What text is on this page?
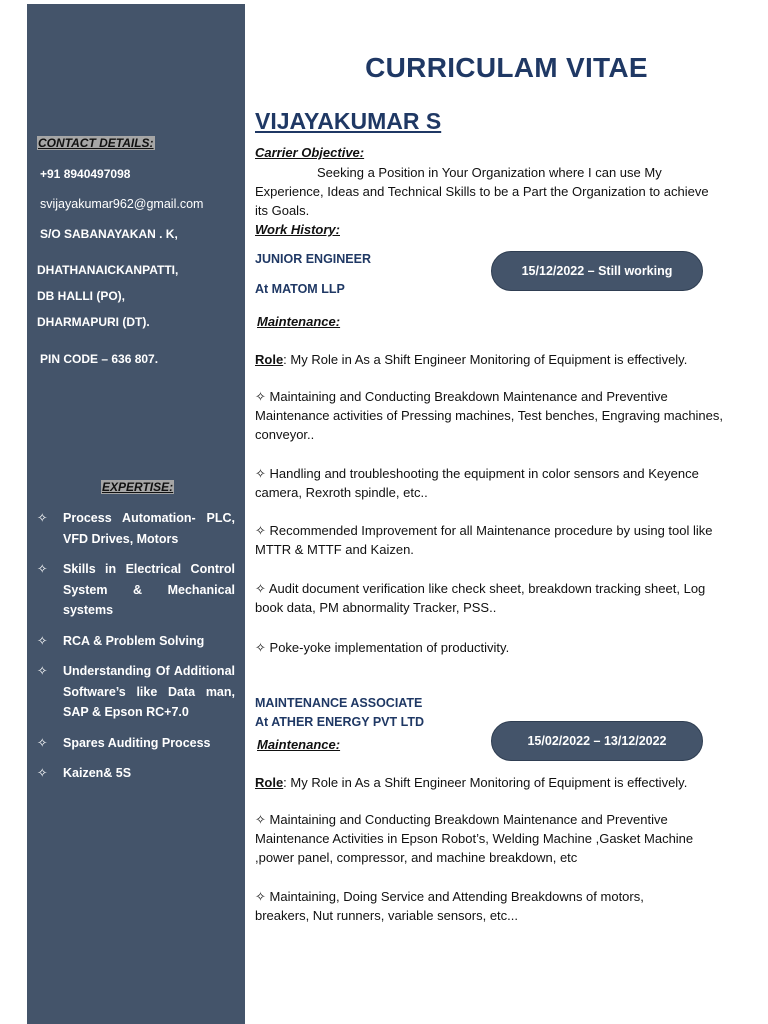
CONTACT DETAILS:
+91 8940497098
svijayakumar962@gmail.com
S/O SABANAYAKAN . K,
DHATHANAICKANPATTI,
DB HALLI (PO),
DHARMAPURI (DT).
PIN CODE – 636 807.
EXPERTISE:
✧ Process Automation- PLC, VFD Drives, Motors
✧ Skills in Electrical Control System & Mechanical systems
✧ RCA & Problem Solving
✧ Understanding Of Additional Software’s like Data man, SAP & Epson RC+7.0
✧ Spares Auditing Process
✧ Kaizen& 5S
CURRICULAM VITAE
VIJAYAKUMAR S
Carrier Objective:
Seeking a Position in Your Organization where I can use My Experience, Ideas and Technical Skills to be a Part the Organization to achieve its Goals.
Work History:
JUNIOR ENGINEER
At MATOM LLP
15/12/2022 – Still working
Maintenance:
Role: My Role in As a Shift Engineer Monitoring of Equipment is effectively.
✧ Maintaining and Conducting Breakdown Maintenance and Preventive Maintenance activities of Pressing machines, Test benches, Engraving machines, conveyor..
✧ Handling and troubleshooting the equipment in color sensors and Keyence camera, Rexroth spindle, etc..
✧ Recommended Improvement for all Maintenance procedure by using tool like MTTR & MTTF and Kaizen.
✧ Audit document verification like check sheet, breakdown tracking sheet, Log book data, PM abnormality Tracker, PSS..
✧ Poke-yoke implementation of productivity.
MAINTENANCE ASSOCIATE
At ATHER ENERGY PVT LTD
15/02/2022 – 13/12/2022
Maintenance:
Role: My Role in As a Shift Engineer Monitoring of Equipment is effectively.
✧ Maintaining and Conducting Breakdown Maintenance and Preventive Maintenance Activities in Epson Robot’s, Welding Machine ,Gasket Machine ,power panel, compressor, and machine breakdown, etc
✧ Maintaining, Doing Service and Attending Breakdowns of motors, breakers, Nut runners, variable sensors, etc...
